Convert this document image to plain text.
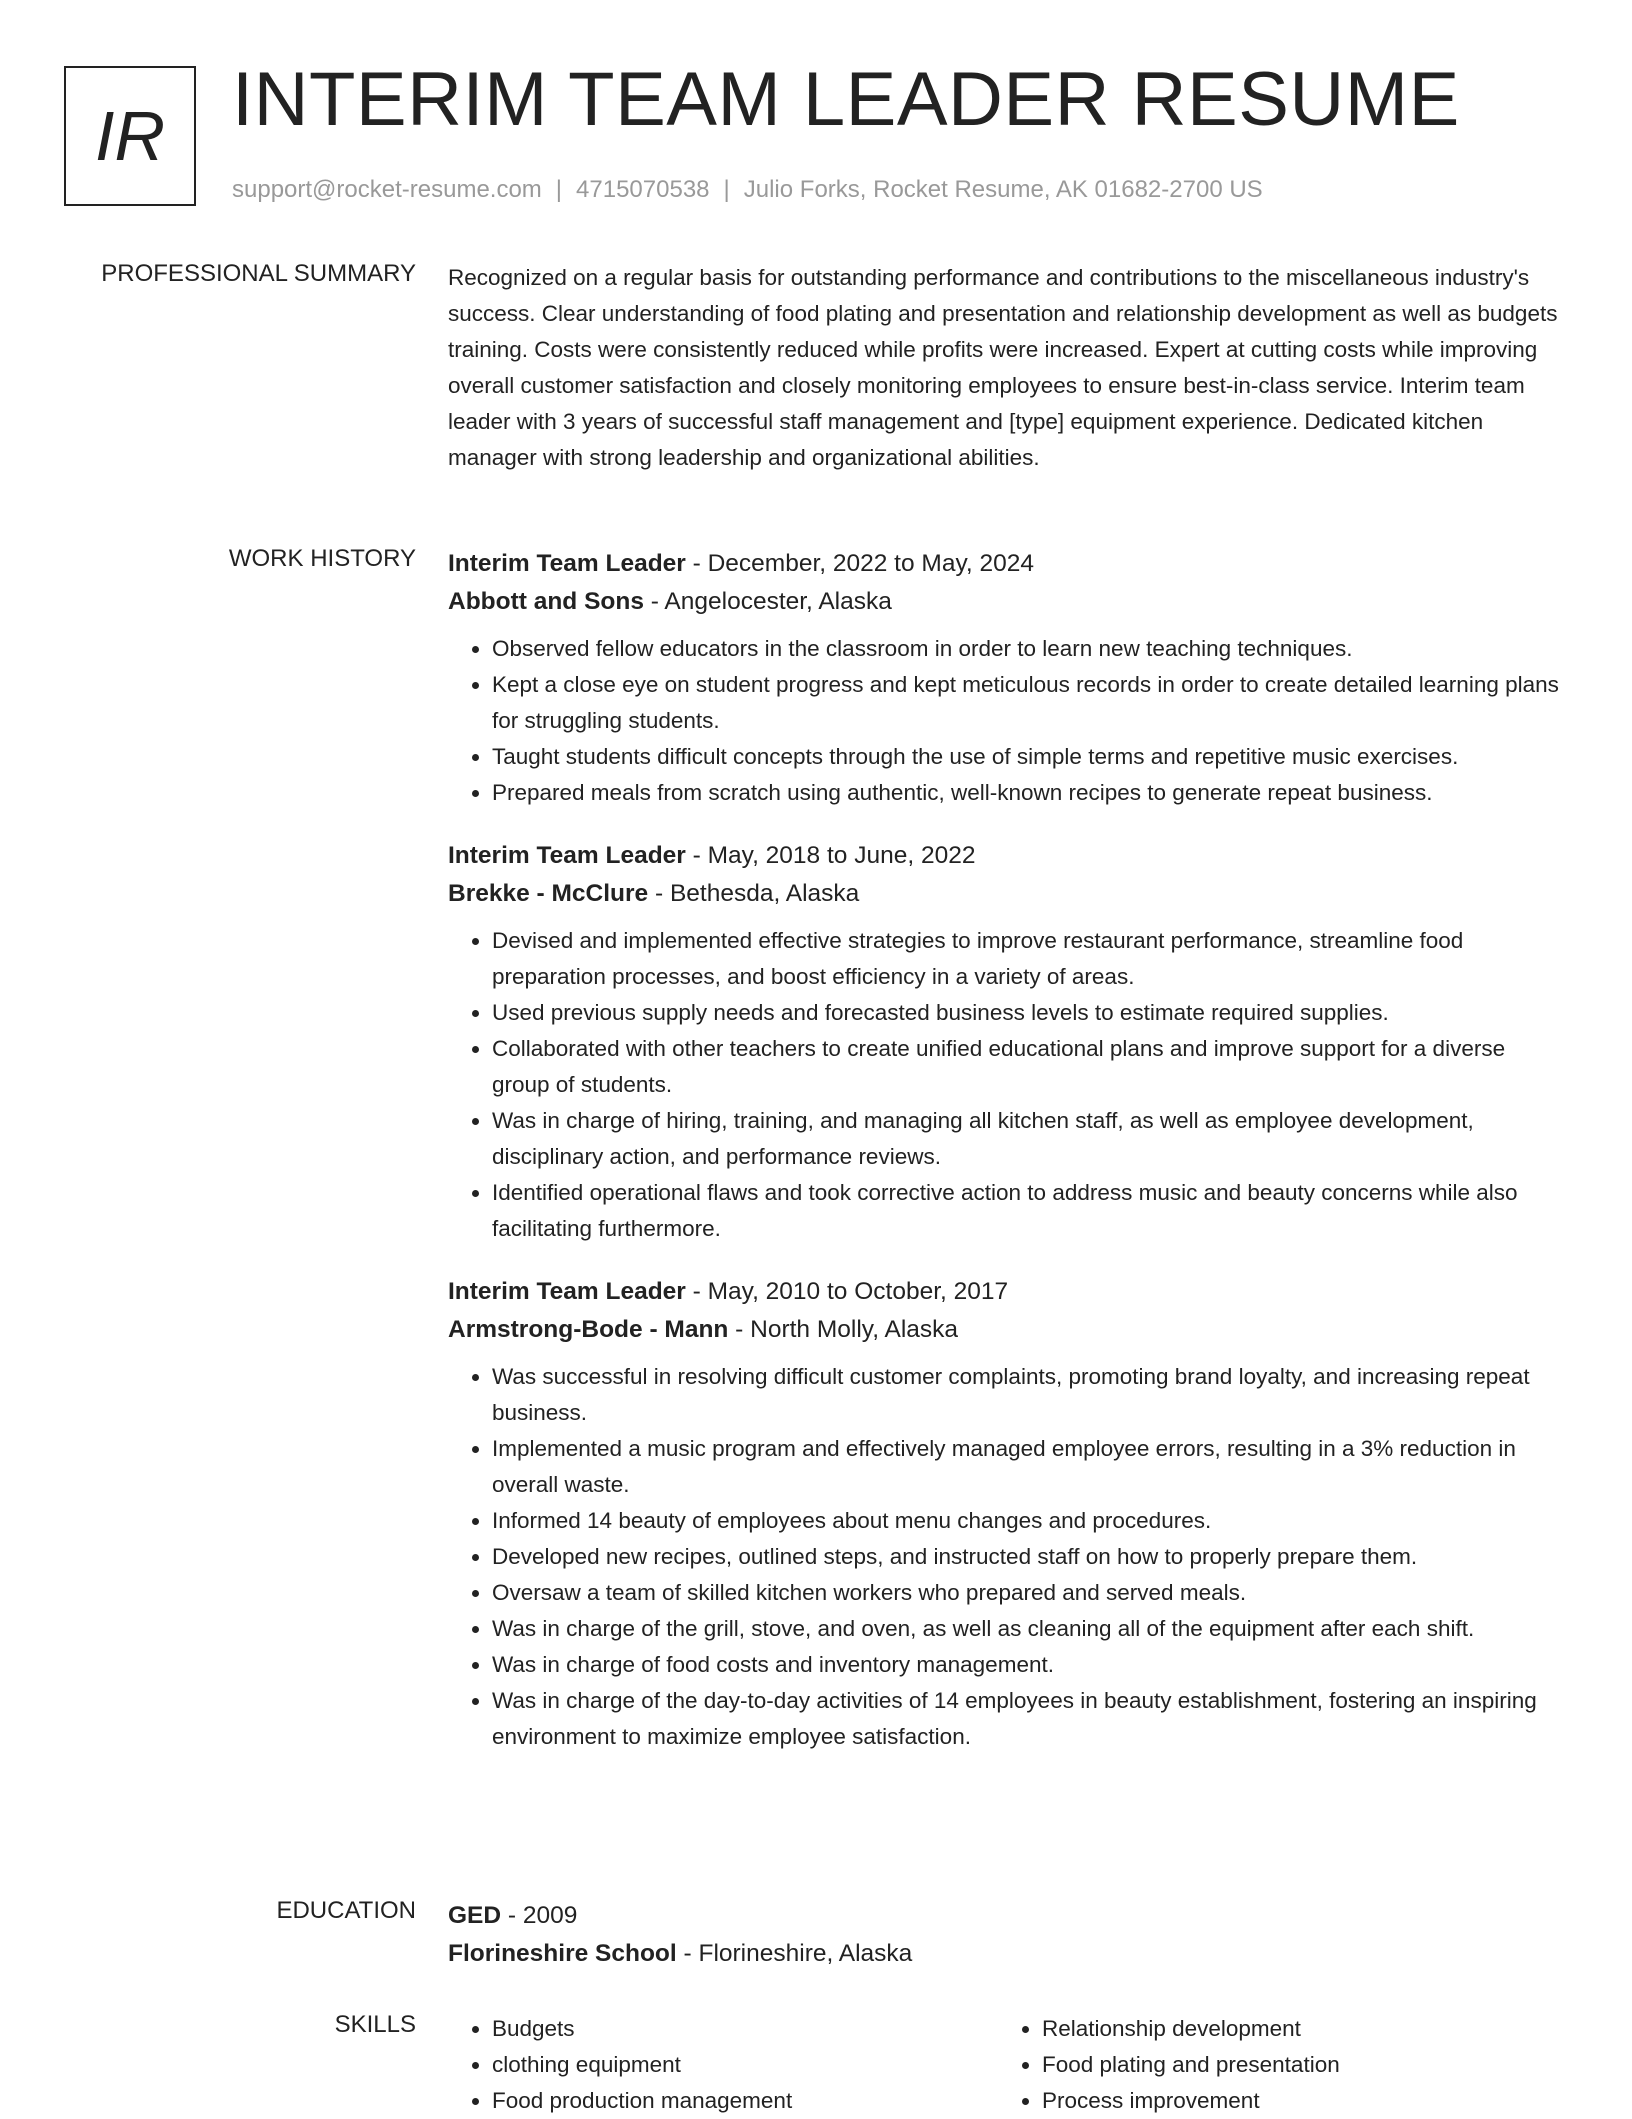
IR INTERIM TEAM LEADER RESUME
support@rocket-resume.com | 4715070538 | Julio Forks, Rocket Resume, AK 01682-2700 US
PROFESSIONAL SUMMARY Recognized on a regular basis for outstanding performance and contributions to the miscellaneous industry's success. Clear understanding of food plating and presentation and relationship development as well as budgets training. Costs were consistently reduced while profits were increased. Expert at cutting costs while improving overall customer satisfaction and closely monitoring employees to ensure best-in-class service. Interim team leader with 3 years of successful staff management and [type] equipment experience. Dedicated kitchen manager with strong leadership and organizational abilities.

WORK HISTORY Interim Team Leader - December, 2022 to May, 2024
Abbott and Sons - Angelocester, Alaska
• Observed fellow educators in the classroom in order to learn new teaching techniques.
• Kept a close eye on student progress and kept meticulous records in order to create detailed learning plans for struggling students.
• Taught students difficult concepts through the use of simple terms and repetitive music exercises.
• Prepared meals from scratch using authentic, well-known recipes to generate repeat business.
Interim Team Leader - May, 2018 to June, 2022
Brekke - McClure - Bethesda, Alaska
• Devised and implemented effective strategies to improve restaurant performance, streamline food preparation processes, and boost efficiency in a variety of areas.
• Used previous supply needs and forecasted business levels to estimate required supplies.
• Collaborated with other teachers to create unified educational plans and improve support for a diverse group of students.
• Was in charge of hiring, training, and managing all kitchen staff, as well as employee development, disciplinary action, and performance reviews.
• Identified operational flaws and took corrective action to address music and beauty concerns while also facilitating furthermore.
Interim Team Leader - May, 2010 to October, 2017
Armstrong-Bode - Mann - North Molly, Alaska
• Was successful in resolving difficult customer complaints, promoting brand loyalty, and increasing repeat business.
• Implemented a music program and effectively managed employee errors, resulting in a 3% reduction in overall waste.
• Informed 14 beauty of employees about menu changes and procedures.
• Developed new recipes, outlined steps, and instructed staff on how to properly prepare them.
• Oversaw a team of skilled kitchen workers who prepared and served meals.
• Was in charge of the grill, stove, and oven, as well as cleaning all of the equipment after each shift.
• Was in charge of food costs and inventory management.
• Was in charge of the day-to-day activities of 14 employees in beauty establishment, fostering an inspiring environment to maximize employee satisfaction.
EDUCATION GED - 2009
Florineshire School - Florineshire, Alaska
SKILLS
•	Budgets
• clothing equipment
• Food production management
• Relationship development
• Food plating and presentation
• Process improvement
